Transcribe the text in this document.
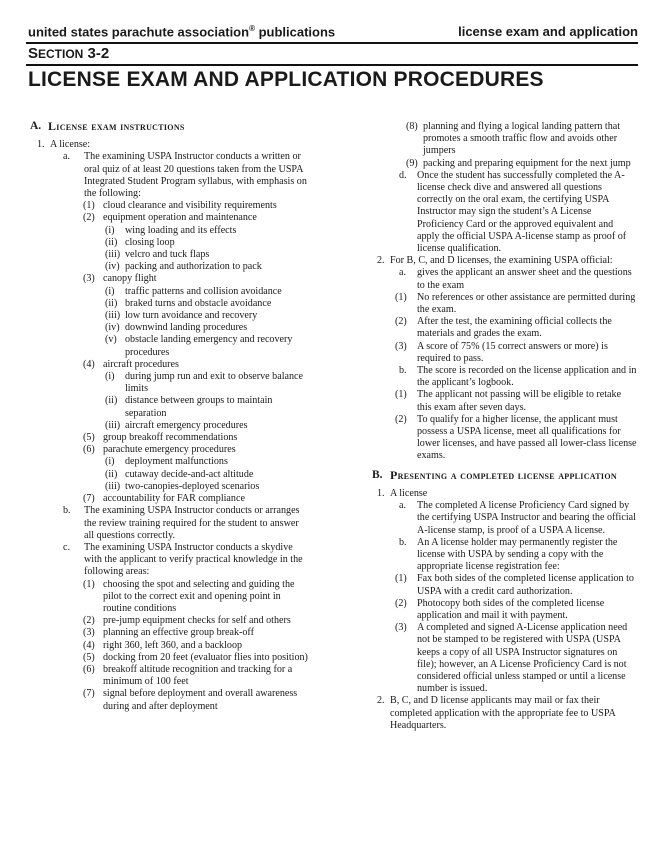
united states parachute association® publications	license exam and application
SECTION 3-2
LICENSE EXAM AND APPLICATION PROCEDURES

A. License exam instructions

1. A license:

a. The examining USPA Instructor conducts a written or oral quiz of at least 20 questions taken from the USPA Integrated Student Program syllabus, with emphasis on the following:

(1) cloud clearance and visibility requirements

(2) equipment operation and maintenance

(i) wing loading and its effects

(ii) closing loop

(iii) velcro and tuck flaps

(iv) packing and authorization to pack

(3) canopy flight

(i) traffic patterns and collision avoidance

(ii) braked turns and obstacle avoidance

(iii) low turn avoidance and recovery

(iv) downwind landing procedures

(v) obstacle landing emergency and recovery procedures

(4) aircraft procedures

(i) during jump run and exit to observe balance limits

(ii) distance between groups to maintain separation

(iii) aircraft emergency procedures

(5) group breakoff recommendations

(6) parachute emergency procedures

(i) deployment malfunctions

(ii) cutaway decide-and-act altitude

(iii) two-canopies-deployed scenarios

(7) accountability for FAR compliance

b. The examining USPA Instructor conducts or arranges the review training required for the student to answer all questions correctly.

c. The examining USPA Instructor conducts a skydive with the applicant to verify practical knowledge in the following areas:

(1) choosing the spot and selecting and guiding the pilot to the correct exit and opening point in routine conditions

(2) pre-jump equipment checks for self and others

(3) planning an effective group break-off

(4) right 360, left 360, and a backloop

(5) docking from 20 feet (evaluator flies into position)

(6) breakoff altitude recognition and tracking for a minimum of 100 feet

(7) signal before deployment and overall awareness during and after deployment

(8) planning and flying a logical landing pattern that promotes a smooth traffic flow and avoids other jumpers

(9) packing and preparing equipment for the next jump

d. Once the student has successfully completed the A-license check dive and answered all questions correctly on the oral exam, the certifying USPA Instructor may sign the student’s A License Proficiency Card or the approved equivalent and apply the official USPA A-license stamp as proof of license qualification.

2. For B, C, and D licenses, the examining USPA official:

a. gives the applicant an answer sheet and the questions to the exam

(1) No references or other assistance are permitted during the exam.

(2) After the test, the examining official collects the materials and grades the exam.

(3) A score of 75% (15 correct answers or more) is required to pass.

b. The score is recorded on the license application and in the applicant’s logbook.

(1) The applicant not passing will be eligible to retake this exam after seven days.

(2) To qualify for a higher license, the applicant must possess a USPA license, meet all qualifications for lower licenses, and have passed all lower-class license exams.

B. Presenting a completed license application

1. A license

a. The completed A license Proficiency Card signed by the certifying USPA Instructor and bearing the official A-license stamp, is proof of a USPA A license.

b. An A license holder may permanently register the license with USPA by sending a copy with the appropriate license registration fee:

(1) Fax both sides of the completed license application to USPA with a credit card authorization.

(2) Photocopy both sides of the completed license application and mail it with payment.

(3) A completed and signed A-License application need not be stamped to be registered with USPA (USPA keeps a copy of all USPA Instructor signatures on file); however, an A License Proficiency Card is not considered official unless stamped or until a license number is issued.

2. B, C, and D license applicants may mail or fax their completed application with the appropriate fee to USPA Headquarters.
